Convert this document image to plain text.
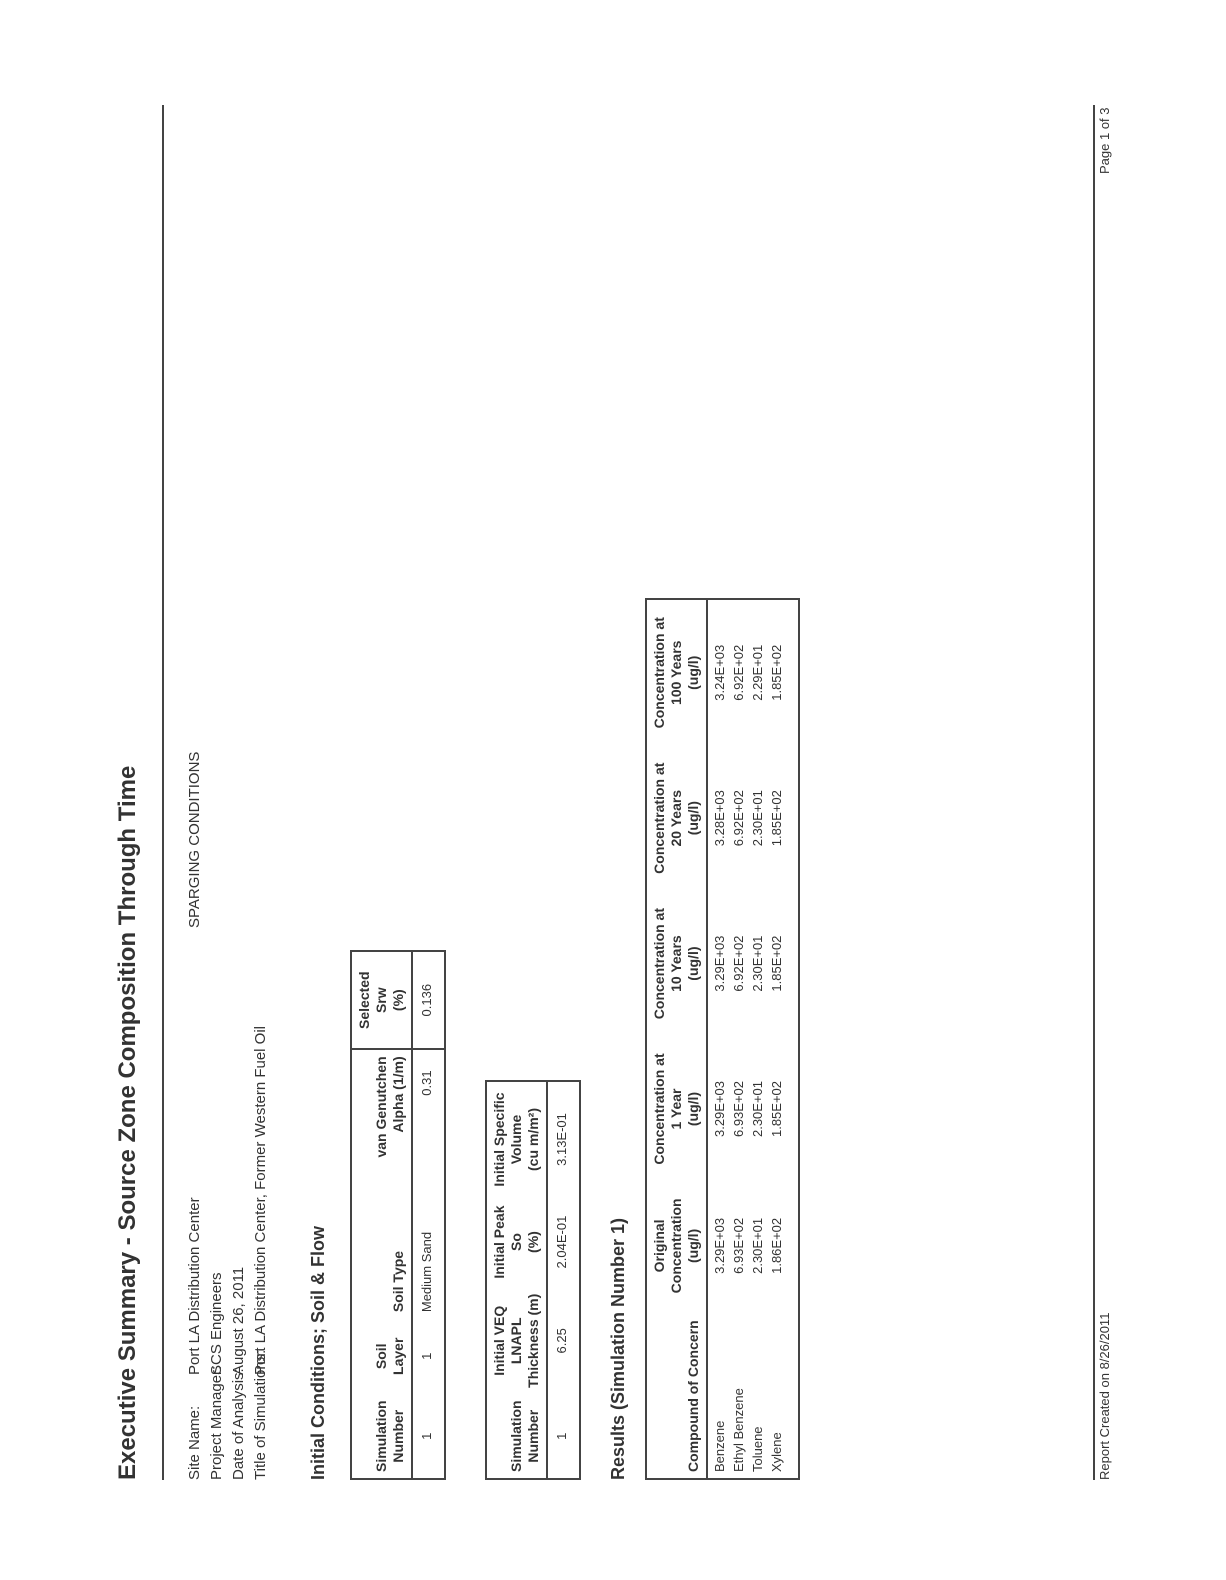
Executive Summary - Source Zone Composition Through Time	Site Name:
Port LA Distribution Center
SPARGING CONDITIONS
Project Manager:
SCS Engineers
Date of Analysis:
August 26, 2011
Title of Simulations:
Port LA Distribution Center, Former Western Fuel Oil Initial Conditions; Soil & Flow	Simulation
Number	Soil Layer	Soil Type	van Genutchen
Alpha (1/m)	Selected Srw
(%)
1	1	Medium Sand	0.31	0.136
Simulation
Number	Initial VEQ LNAPL
Thickness (m)	Initial Peak So
(%)	Initial Specific Volume
(cu m/m²)
1	6.25	2.04E-01	3.13E-01
Results (Simulation Number 1)	Compound of Concern	Original
Concentration
(ug/l)	Concentration at
1 Year
(ug/l)	Concentration at
10 Years
(ug/l)	Concentration at
20 Years
(ug/l)	Concentration at
100 Years
(ug/l)
Benzene	3.29E+03	3.29E+03	3.29E+03	3.28E+03	3.24E+03
Ethyl Benzene	6.93E+02	6.93E+02	6.92E+02	6.92E+02	6.92E+02
Toluene	2.30E+01	2.30E+01	2.30E+01	2.30E+01	2.29E+01
Xylene	1.86E+02	1.85E+02	1.85E+02	1.85E+02	1.85E+02
Report Created on 8/26/2011
Page 1 of 3
